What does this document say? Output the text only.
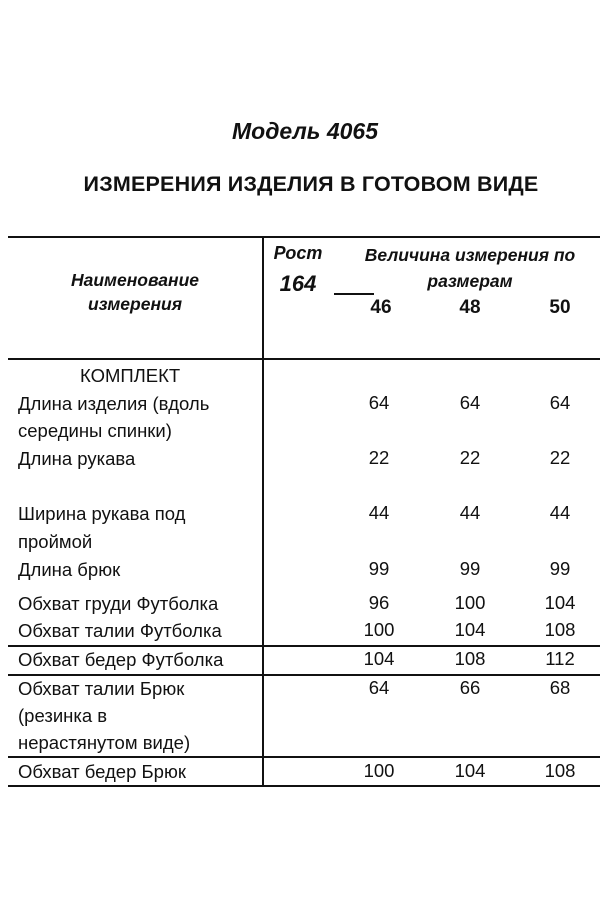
Модель 4065
ИЗМЕРЕНИЯ ИЗДЕЛИЯ В ГОТОВОМ ВИДЕ
Наименование
измерения
Рост
164
Величина измерения по
размерам
46	48	50
КОМПЛЕКТ
Длина изделия (вдоль
середины спинки)
64	64	64
Длина рукава	22	22	22
Ширина рукава под
проймой
44	44	44
Длина брюк	99	99	99
Обхват груди Футболка	96	100	104
Обхват талии Футболка	100	104	108
Обхват бедер Футболка	104	108	112
Обхват талии Брюк
(резинка в
нерастянутом виде)
64	66	68
Обхват бедер Брюк	100	104	108
